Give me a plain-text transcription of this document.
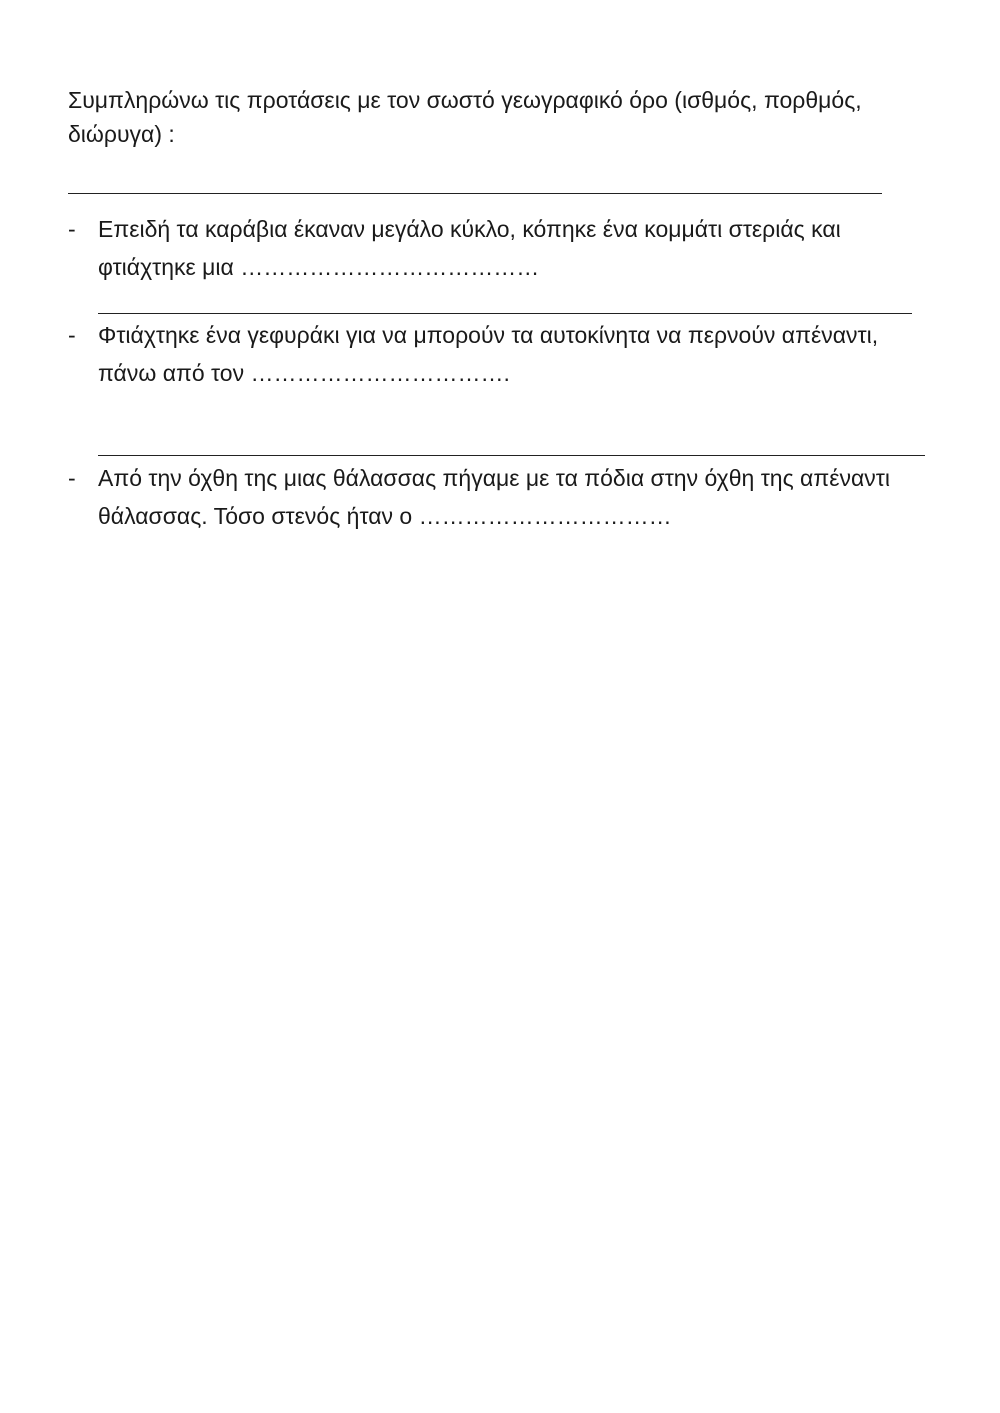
Συμπληρώνω τις προτάσεις με τον σωστό γεωγραφικό όρο (ισθμός, πορθμός, διώρυγα) :
- Επειδή τα καράβια έκαναν μεγάλο κύκλο, κόπηκε ένα κομμάτι στεριάς και φτιάχτηκε μια …………………………………
- Φτιάχτηκε ένα γεφυράκι για να μπορούν τα αυτοκίνητα να περνούν απέναντι, πάνω από τον …………………………….
- Από την όχθη της μιας θάλασσας πήγαμε με τα πόδια στην όχθη της απέναντι θάλασσας. Τόσο στενός ήταν ο ……………………………
